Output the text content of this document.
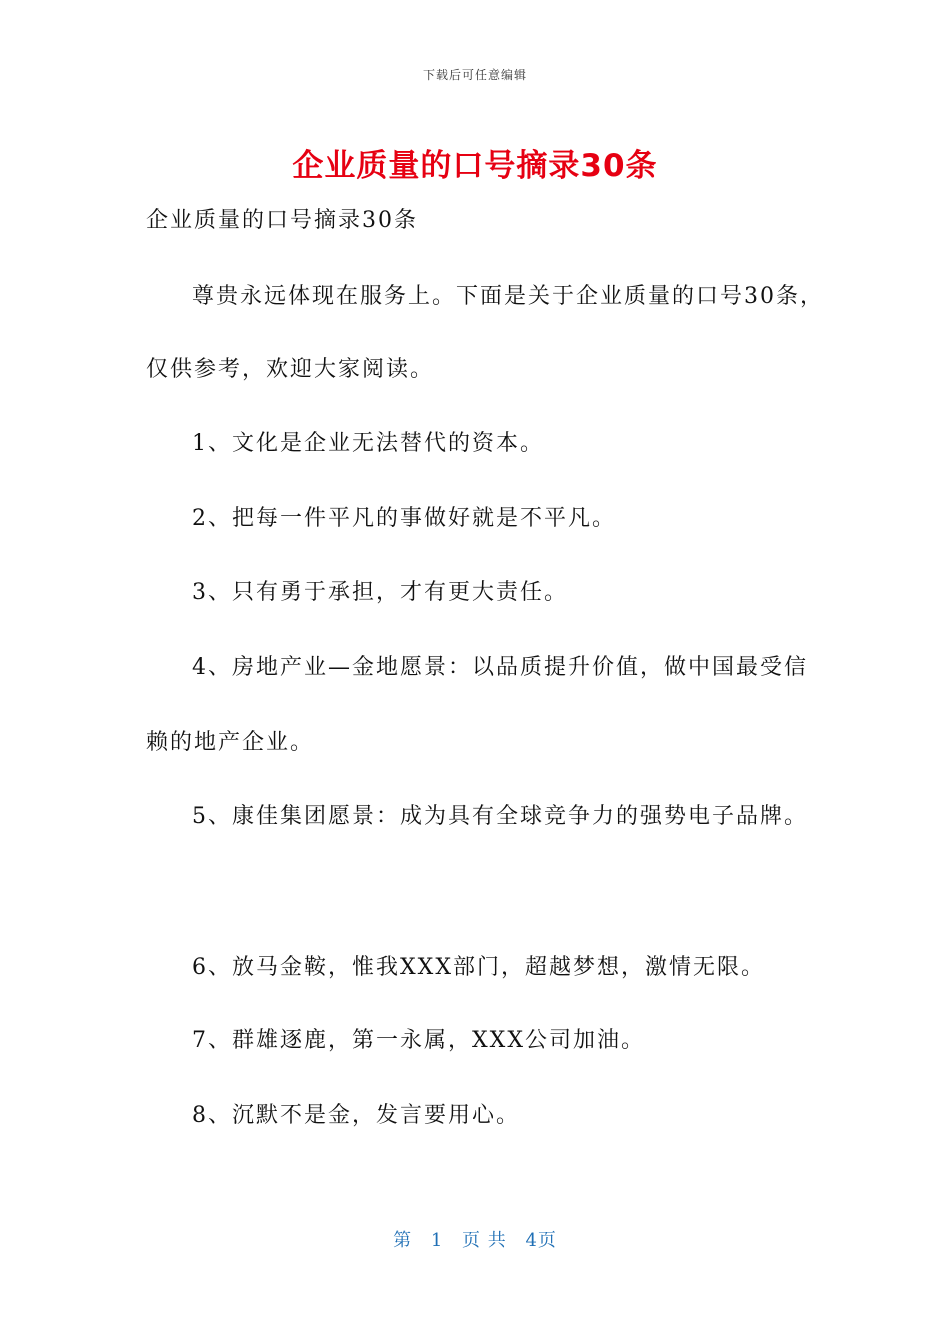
下载后可任意编辑
企业质量的口号摘录30条
企业质量的口号摘录30条
尊贵永远体现在服务上。下面是关于企业质量的口号30条，
仅供参考，欢迎大家阅读。
1、文化是企业无法替代的资本。
2、把每一件平凡的事做好就是不平凡。
3、只有勇于承担，才有更大责任。
4、房地产业—金地愿景：以品质提升价值，做中国最受信
赖的地产企业。
5、康佳集团愿景：成为具有全球竞争力的强势电子品牌。
6、放马金鞍，惟我XXX部门，超越梦想，激情无限。
7、群雄逐鹿，第一永属，XXX公司加油。
8、沉默不是金，发言要用心。
第 1 页 共 4页
